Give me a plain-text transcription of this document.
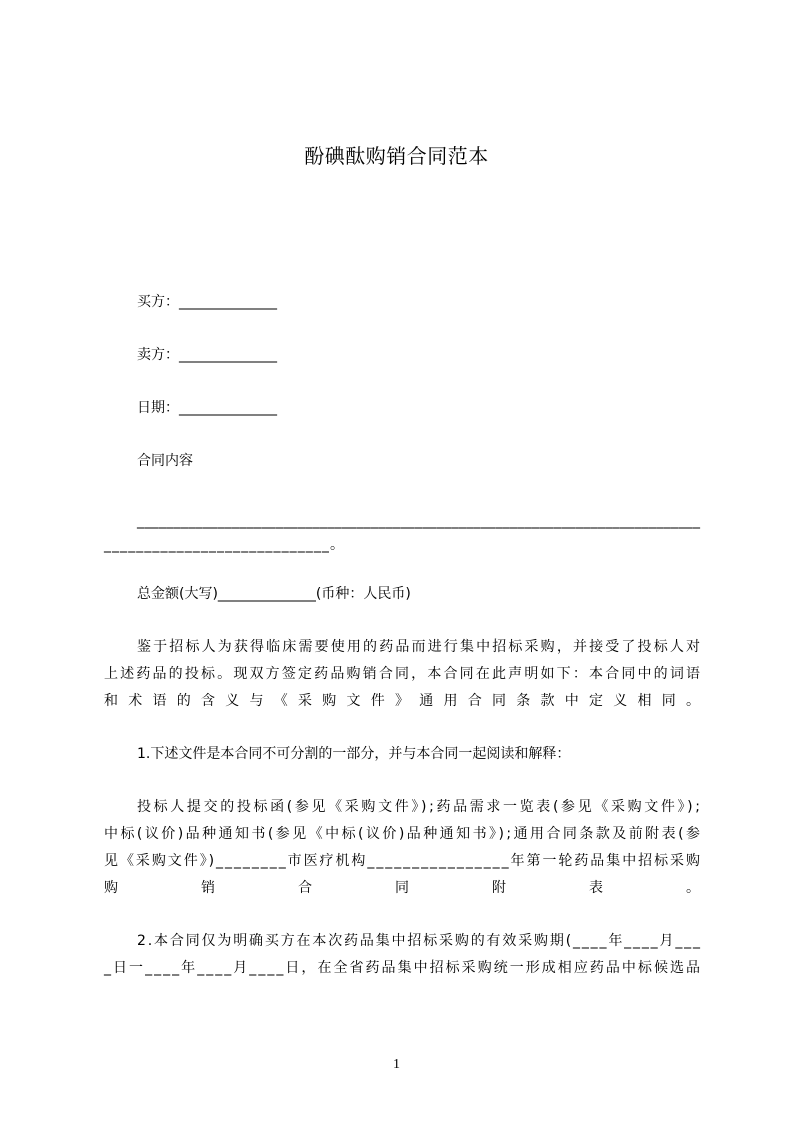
酚碘酞购销合同范本
买方：______________
卖方：______________
日期：______________
合同内容
_____________________________________________________________________________
____________________________。
总金额(大写)______________(币种：人民币)
鉴于招标人为获得临床需要使用的药品而进行集中招标采购，并接受了投标人对
上述药品的投标。现双方签定药品购销合同，本合同在此声明如下：本合同中的词语
和术语的含义与《采购文件》通用合同条款中定义相同。
1.下述文件是本合同不可分割的一部分，并与本合同一起阅读和解释：
投标人提交的投标函(参见《采购文件》);药品需求一览表(参见《采购文件》);
中标(议价)品种通知书(参见《中标(议价)品种通知书》);通用合同条款及前附表(参
见《采购文件》)________市医疗机构________________年第一轮药品集中招标采购
购销合同附表。
2.本合同仅为明确买方在本次药品集中招标采购的有效采购期(____年____月___
_日一____年____月____日，在全省药品集中招标采购统一形成相应药品中标候选品
1
